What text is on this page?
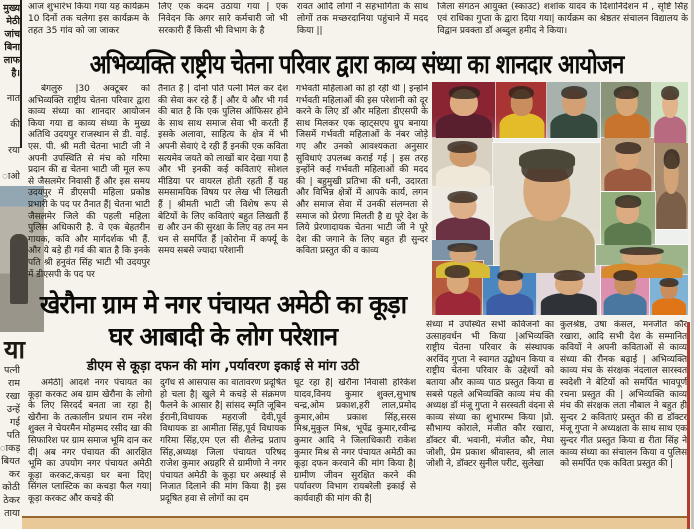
मुख्य
मेठी
जांच
बिना
लाफ
है।
नात
की
रया
ाओ
या
पत्नी
राम
रखा
उन्हें
गई
पति
ाकड़
बियत
कर
कोठी
ठेकर
ताया
आज शुभारंभ किया गया यह कार्यक्रम 10 दिनों तक चलेगा इस कार्यक्रम के तहत 35 गांव को जा जाकर
लिए एक कदम उठाया गया | एक निवेदन कि अगर सारे कर्मचारी जो भी सरकारी हैं किसी भी विभाग के है
रावत आदि लोगों ने सहभागिता के साथ लोगों तक मच्छरदानिया पहुंचाने में मदद किया ||
जिला संगठन आयुक्त (स्काउट) शशांक यादव के दिशानिर्देशन में , सृष्टि सिंह एवं राधिका गुप्ता के द्वारा दिया गया| कार्यक्रम का श्रेष्ठतर संचालन विद्यालय के विद्वान प्रवक्ता डॉ अब्दुल हमीद ने किया।
अभिव्यक्ति राष्ट्रीय चेतना परिवार द्वारा काव्य संध्या का शानदार आयोजन
बेंगलुरु |30 अक्टूबर को अभिव्यक्ति राष्ट्रीय चेतना परिवार द्वारा काव्य संध्या का शानदार आयोजन किया गया द्य काव्य संध्या के मुख्य अतिथि उदयपुर राजस्थान से डी. वाई. एस. पी. श्री मती चेतना भाटी जी ने अपनी उपस्थिति से मंच को गरिमा प्रदान की द्य चेतना भाटी जी मूल रूप से जैसलमेर निवासी हैं और इस समय उदयपुर में डीएसपी महिला प्रकोष्ठ प्रभारी के पद पर तैनात हैं| चेतना भाटी जैसलमेर जिले की पहली महिला पुलिस अधिकारी है. वे एक बेहतरीन गायक, कवि और मार्गदर्शक भी हैं. और ये बड़े ही गर्व की बात है कि इनके पति श्री हनुवंत सिंह भाटी भी उदयपुर में डीएसपी के पद पर
तैनात हैं | दोनों पति पत्नी मिल कर देश की सेवा कर रहे हैं | और ये और भी गर्व की बात है कि एक पुलिस ऑफिसर होने के साथ साथ समाज सेवा भी करती हैं इसके अलावा, साहित्य के क्षेत्र में भी अपनी सेवाएं दे रही हैं इनकी एक कविता सत्यमेव जयते को लाखों बार देखा गया है और भी इनकी कई कविताएं सोशल मीडिया पर वायरल होती रहती हैं यह समसामयिक विषय पर लेख भी लिखती हैं | श्रीमती भाटी जी विशेष रूप से बेटियों के लिए कविताएं बहुत लिखती हैं द्य और उन की सुरक्षा के लिए वह तन मन धन से समर्पित हैं |कोरोना में कर्फ्यू के समय सबसे ज्यादा परेशानी
गर्भवती महिलाओं को हो रही थी | इन्होंने गर्भवती महिलाओं की इस परेशानी को दूर करने के लिए डॉ और महिला डीएसपी के साथ मिलकर एक व्हाट्सएप ग्रुप बनाया जिसमें गर्भवती महिलाओं के नंबर जोड़े गए और उनको आवश्यकता अनुसार सुविधाएं उपलब्ध कराई गई | इस तरह इन्होंने कई गर्भवती महिलाओं की मदद की | बहुमुखी प्रतिभा की धनी, उदारता और विभिन्न क्षेत्रों में आपके कार्य, लगन और समाज सेवा में उनकी संलग्नता से समाज को प्रेरणा मिलती है द्य पूरे देश के लिये प्रेरणादायक चेतना भाटी जी ने पूरे देश की जगाने के लिए बहुत ही सुन्दर कविता प्रस्तुत की व काव्य
संध्या में उपस्थित सभी कविजनों का उत्साहवर्धन भी किया |अभिव्यक्ति राष्ट्रीय चेतना परिवार के संस्थापक अरविंद गुप्ता ने स्वागत उद्बोधन किया व राष्ट्रीय चेतना परिवार के उद्देश्यों को बताया और काव्य पाठ प्रस्तुत किया द्य सबसे पहले अभिव्यक्ति काव्य मंच की अध्यक्ष डॉ मंजू गुप्ता ने सरस्वती वंदना से काव्य संध्या का शुभारम्भ किया |प्रो. सौभाग्य कोराले, मंजीत कौर रखारा, डॉक्टर बी. भवानी, मंजीत कौर, मेघा जोशी, प्रेम प्रकाश श्रीवास्तव, श्री लाल जोशी ने, डॉक्टर सुनील परीट, सुलेखा
कुलश्रेष्ठ, उषा कंसल, मनजीत कौर रखारा, आदि सभी देश के सम्मानित कवियों ने अपनी कविताओं से काव्य संध्या की रौनक बढ़ाई | अभिव्यक्ति काव्य मंच के संरक्षक नंदलाल सारस्वत स्वदेशी ने बेटियों को समर्पित भावपूर्ण रचना प्रस्तुत की | अभिव्यक्ति काव्य मंच की संरक्षक लता नौबाल ने बहुत ही सुन्दर 2 कविताएं प्रस्तुत की द्य डॉक्टर मंजू गुप्ता ने अध्यक्षता के साथ साथ एक सुन्दर गीत प्रस्तुत किया द्य रीता सिंह ने काव्य संध्या का संचालन किया व पुलिस को समर्पित एक कविता प्रस्तुत की |
खेरौना ग्राम मे नगर पंचायत अमेठी का कूड़ा घर आबादी के लोग परेशान
डीएम से कूड़ा दफन की मांग ,पर्यावरण इकाई से मांग उठी
अमेठी| आदर्श नगर पंचायत का कूड़ा करकट अब ग्राम खेरौना के लोगो के लिए सिरदर्द बनता जा रहा है| खेरौना के तत्कालीन प्रधान राम नरेश शुक्ल ने चेयरमैन मोहम्मद रसीद खा की सिफारिश पर ग्राम समाज भूमि दान कर दी| अब नगर पंचायत की आरक्षित भूमि का उपयोग नगर पंचायत अमेठी कूड़ा करकट,कचड़ा घर बना दिए| सिंगल प्लास्टिक का कचड़ा फैल गया| कूड़ा करकट और कचड़े की
दुर्गंध से आसपास का वातावरण प्रदूषित हो चला है| खुले मे कचड़े से संक्रमण फैलने के आसार है| सांसद स्मृति जूबिन ईरानी,विधायक महराजी देवी,पूर्व विधायक डा आमीता सिंह,पूर्व विधायक गरिमा सिंह,एम एल सी शैलेन्द्र प्रताप सिंह,अध्यक्ष जिला पंचायत परिषद राजेश कुमार अग्रहरि से ग्रामीणो ने नगर पंचायत अमेठी के कूड़ा घर अस्थाई से निजात दिलाने की मांग किया है| इस प्रदूषित हवा से लोगों का दम
घूट रहा है| खेरौना निवासी हरिकेश यादव,विनय कुमार शुक्ल,सुभाष चन्द्र,ओम प्रकाश,हरी लाल,प्रमोद कुमार,ओम प्रकाश सिंह,सरस मिश्र,मुकुल मिश्र, भूपेंद्र कुमार,रवीन्द्र कुमार आदि ने जिलाधिकारी राकेश कुमार मिश्र से नगर पंचायत अमेठी का कूड़ा दफन करवाने की मांग किया है| ग्रामीण जीवन सुरक्षित करने की पर्यावरण विभाग रायबरेली इकाई से कार्यवाही की मांग की है|
